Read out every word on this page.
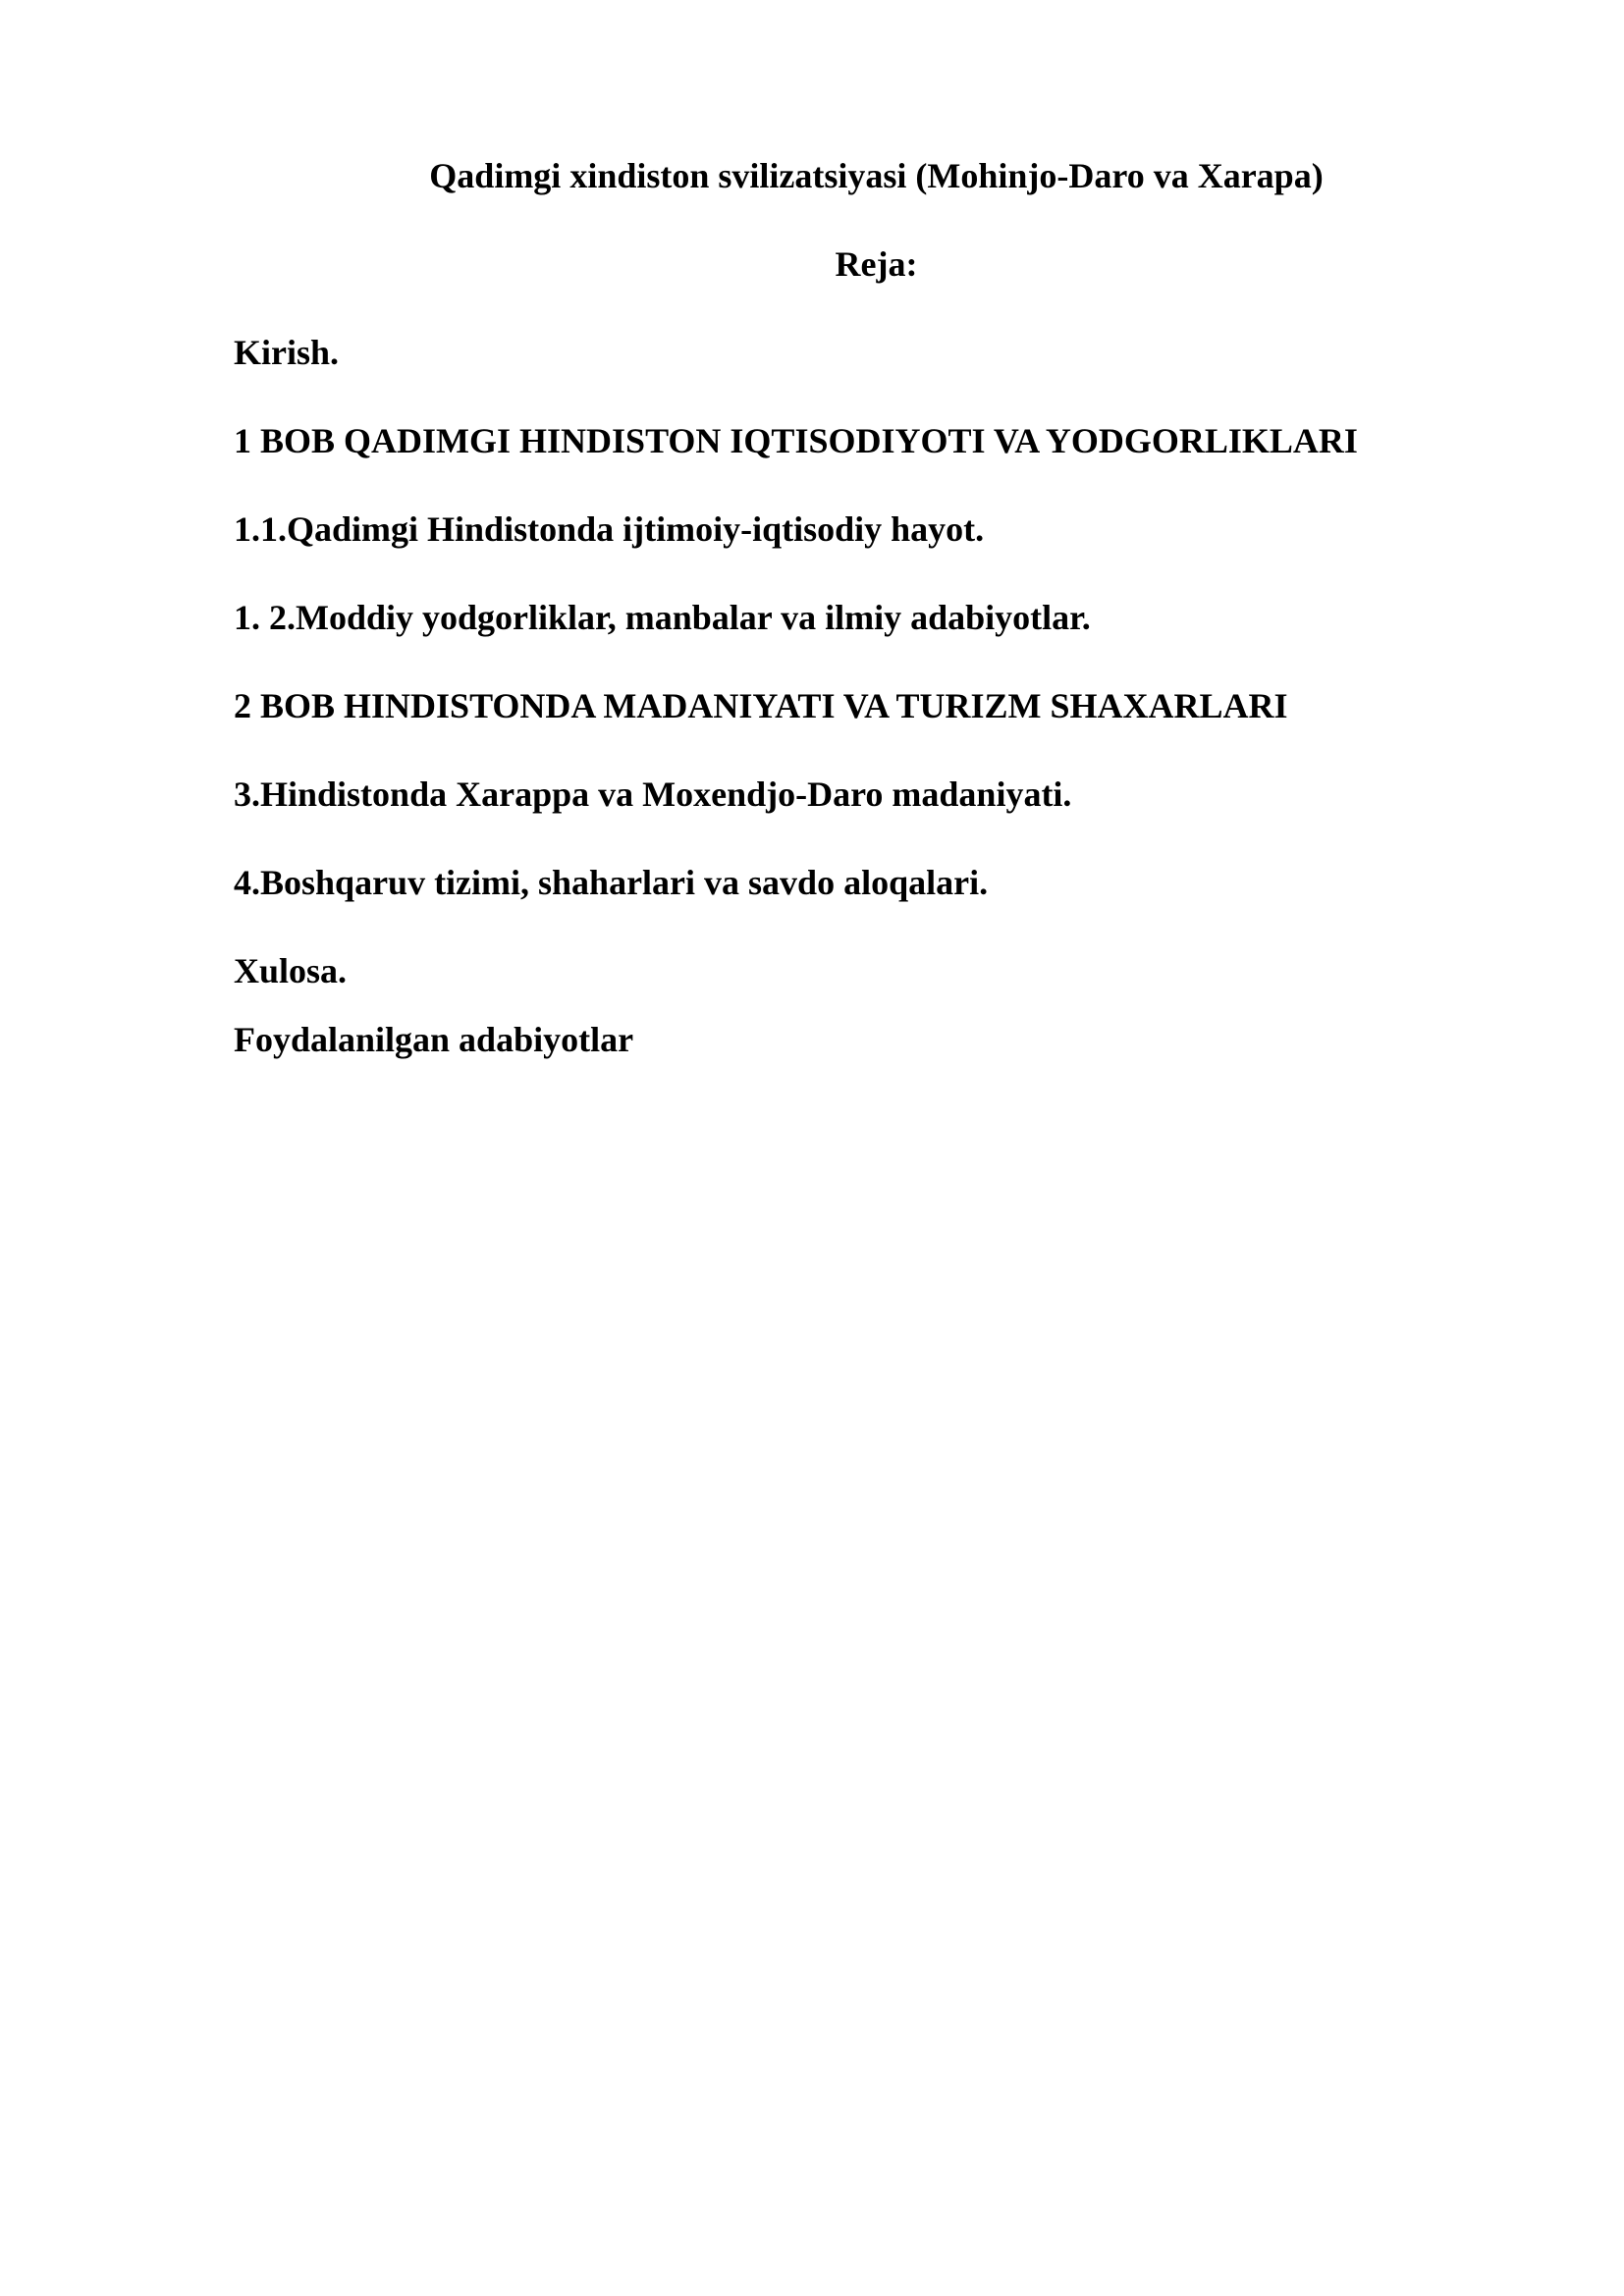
Qadimgi xindiston svilizatsiyasi (Mohinjo-Daro va Xarapa)

Reja:

Kirish.

1 BOB QADIMGI HINDISTON IQTISODIYOTI VA YODGORLIKLARI

1.1.Qadimgi Hindistonda ijtimoiy-iqtisodiy hayot.

1. 2.Moddiy yodgorliklar, manbalar va ilmiy adabiyotlar.

2 BOB HINDISTONDA MADANIYATI VA TURIZM SHAXARLARI

3.Hindistonda Xarappa va Moxendjo-Daro madaniyati.

4.Boshqaruv tizimi, shaharlari va savdo aloqalari.

Xulosa.

Foydalanilgan adabiyotlar
